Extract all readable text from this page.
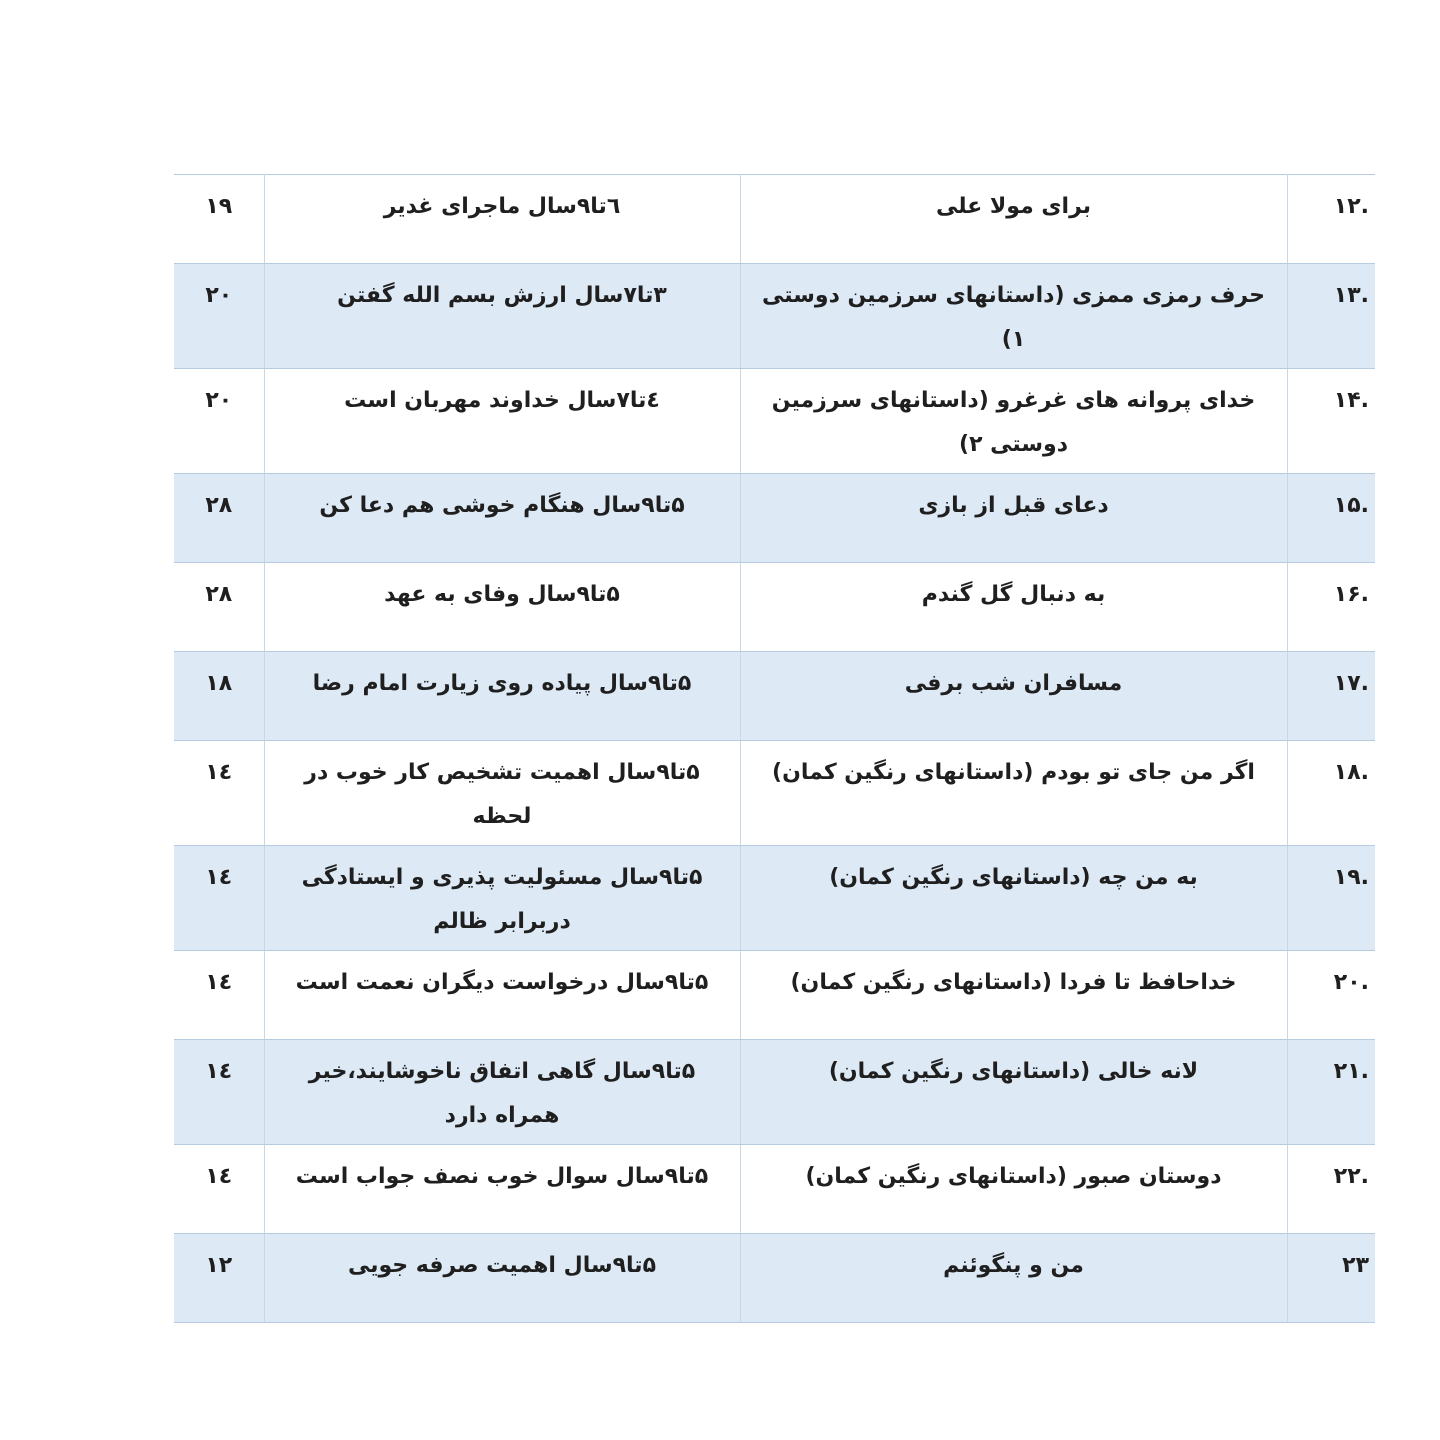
.۱۲	برای مولا علی	٦تا٩سال ماجرای غدیر	۱۹
.۱۳	حرف رمزی ممزی (داستانهای سرزمین دوستی ۱)	۳تا۷سال ارزش بسم الله گفتن	۲۰
.۱۴	خدای پروانه های غرغرو (داستانهای سرزمین دوستی ۲)	٤تا۷سال خداوند مهربان است	۲۰
.۱۵	دعای قبل از بازی	۵تا۹سال هنگام خوشی هم دعا کن	۲۸
.۱۶	به دنبال گل گندم	۵تا۹سال وفای به عهد	۲۸
.۱۷	مسافران شب برفی	۵تا۹سال پیاده روی زیارت امام رضا	۱۸
.۱۸	اگر من جای تو بودم (داستانهای رنگین کمان)	۵تا۹سال اهمیت تشخیص کار خوب در لحظه	۱٤
.۱۹	به من چه (داستانهای رنگین کمان)	۵تا۹سال مسئولیت پذیری و ایستادگی دربرابر ظالم	۱٤
.۲۰	خداحافظ تا فردا (داستانهای رنگین کمان)	۵تا۹سال درخواست دیگران نعمت است	۱٤
.۲۱	لانه خالی (داستانهای رنگین کمان)	۵تا۹سال گاهی اتفاق ناخوشایند،خیر همراه دارد	۱٤
.۲۲	دوستان صبور (داستانهای رنگین کمان)	۵تا۹سال سوال خوب نصف جواب است	۱٤
۲۳	من و پنگوئنم	۵تا۹سال اهمیت صرفه جویی	۱۲
